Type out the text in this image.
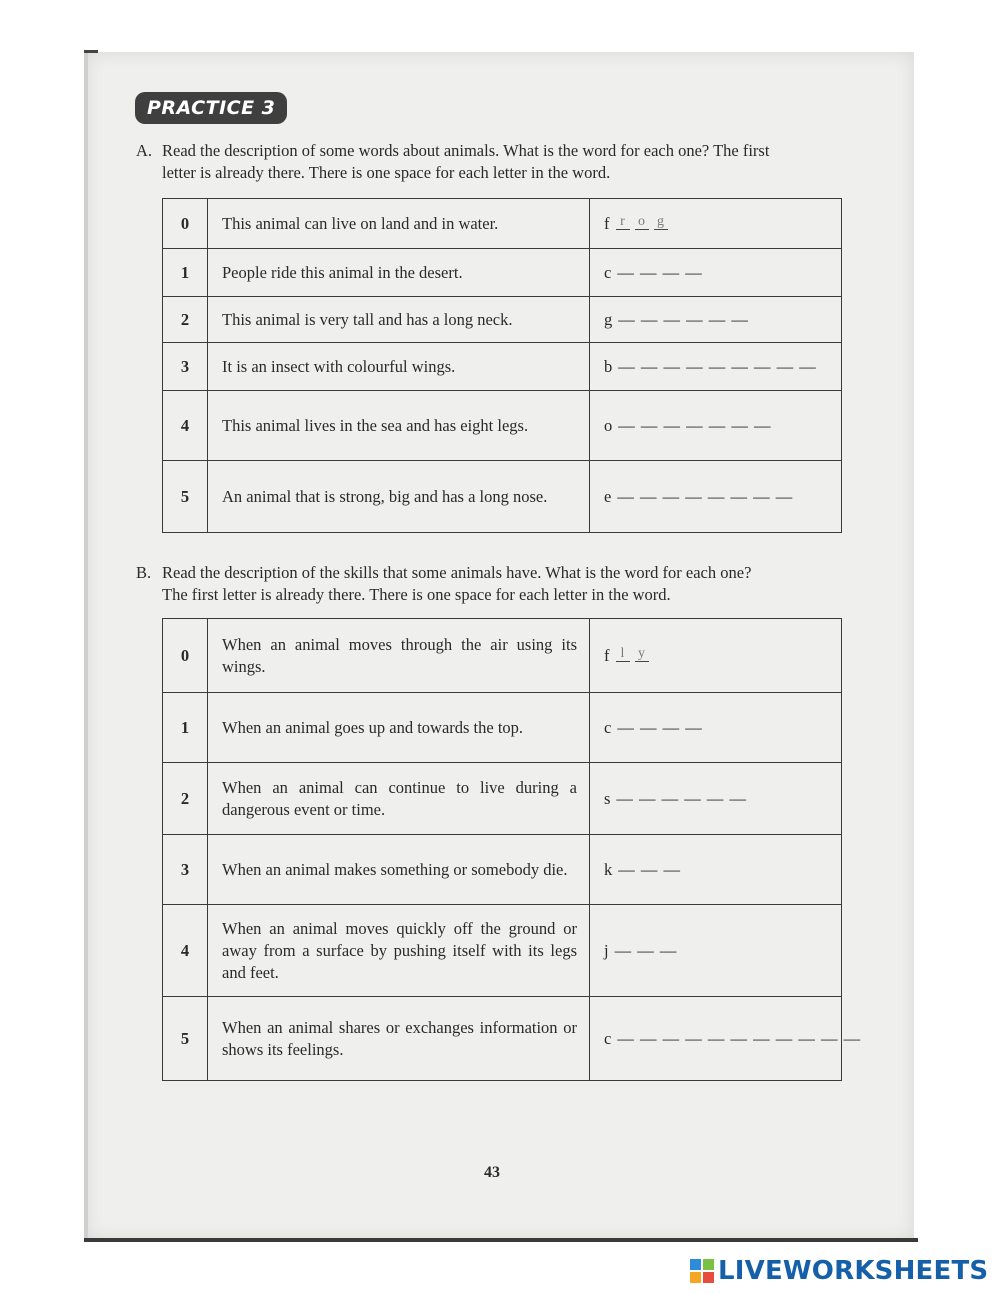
PRACTICE 3
A. Read the description of some words about animals. What is the word for each one? The first
letter is already there. There is one space for each letter in the word.
0	This animal can live on land and in water.	f r o g
1	People ride this animal in the desert.	c — — — —
2	This animal is very tall and has a long neck.	g — — — — — —
3	It is an insect with colourful wings.	b — — — — — — — — —
4	This animal lives in the sea and has eight legs.	o — — — — — — —
5	An animal that is strong, big and has a long nose.	e — — — — — — — —
B. Read the description of the skills that some animals have. What is the word for each one?
The first letter is already there. There is one space for each letter in the word.
0	When an animal moves through the air using its wings.	f l y
1	When an animal goes up and towards the top.	c — — — —
2	When an animal can continue to live during a dangerous event or time.	s — — — — — —
3	When an animal makes something or somebody die.	k — — —
4	When an animal moves quickly off the ground or away from a surface by pushing itself with its legs and feet.	j — — —
5	When an animal shares or exchanges information or shows its feelings.	c — — — — — — — — — — —
43
LIVEWORKSHEETS
